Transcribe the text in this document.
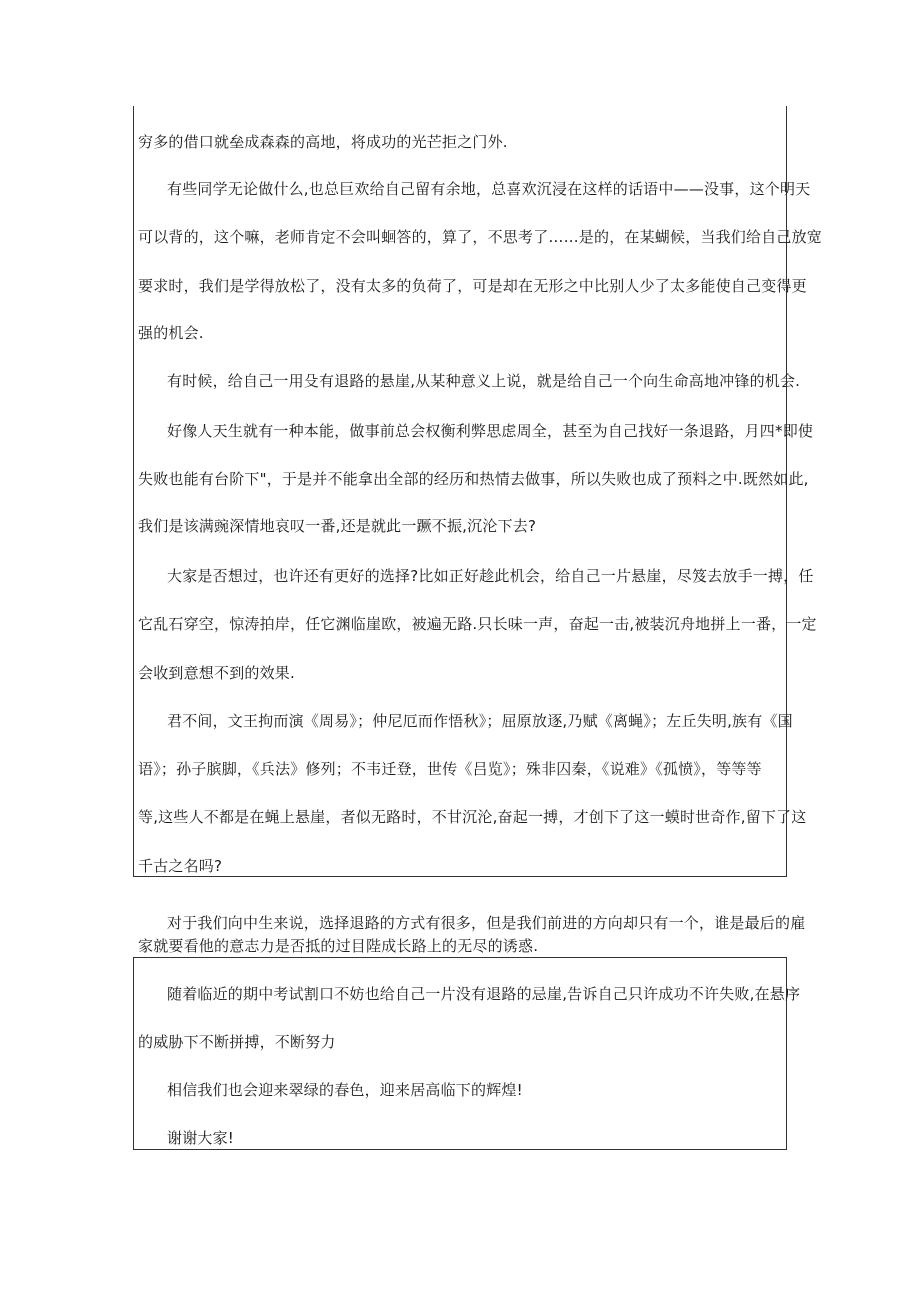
穷多的借口就垒成森森的高地，将成功的光芒拒之门外.
有些同学无论做什么,也总巨欢给自己留有余地，总喜欢沉浸在这样的话语中——没事，这个明天
可以背的，这个嘛，老师肯定不会叫蛔答的，算了，不思考了……是的，在某蝴候，当我们给自己放宽
要求时，我们是学得放松了，没有太多的负荷了，可是却在无形之中比别人少了太多能使自己变得更
强的机会.
有时候，给自己一用殳有退路的悬崖,从某种意义上说，就是给自己一个向生命高地冲锋的机会.
好像人天生就有一种本能，做事前总会权衡利弊思虑周全，甚至为自己找好一条退路，月四*即使
失败也能有台阶下"，于是并不能拿出全部的经历和热情去做事，所以失败也成了预料之中.既然如此,
我们是该满豌深情地哀叹一番,还是就此一蹶不振,沉沦下去?
大家是否想过，也许还有更好的选择?比如正好趁此机会，给自己一片悬崖，尽笈去放手一搏，任
它乱石穿空，惊涛拍岸，任它渊临崖欧，被遍无路.只长味一声，奋起一击,被装沉舟地拼上一番，一定
会收到意想不到的效果.
君不间，文王拘而演《周易》；仲尼厄而作悟秋》；屈原放逐,乃赋《离蝇》；左丘失明,族有《国
语》；孙子膑脚，《兵法》修列；不韦迁登，世传《吕览》；殊非囚秦，《说难》《孤愤》，等等等
等,这些人不都是在蝇上悬崖，者似无路时，不甘沉沦,奋起一搏，才创下了这一蟆时世奇作,留下了这
千古之名吗?
对于我们向中生来说，选择退路的方式有很多，但是我们前进的方向却只有一个，谁是最后的雇
家就要看他的意志力是否抵的过目陛成长路上的无尽的诱惑.
随着临近的期中考试割口不妨也给自己一片没有退路的忌崖,告诉自己只许成功不许失败,在悬序
的威胁下不断拼搏，不断努力
相信我们也会迎来翠绿的春色，迎来居高临下的辉煌!
谢谢大家!
